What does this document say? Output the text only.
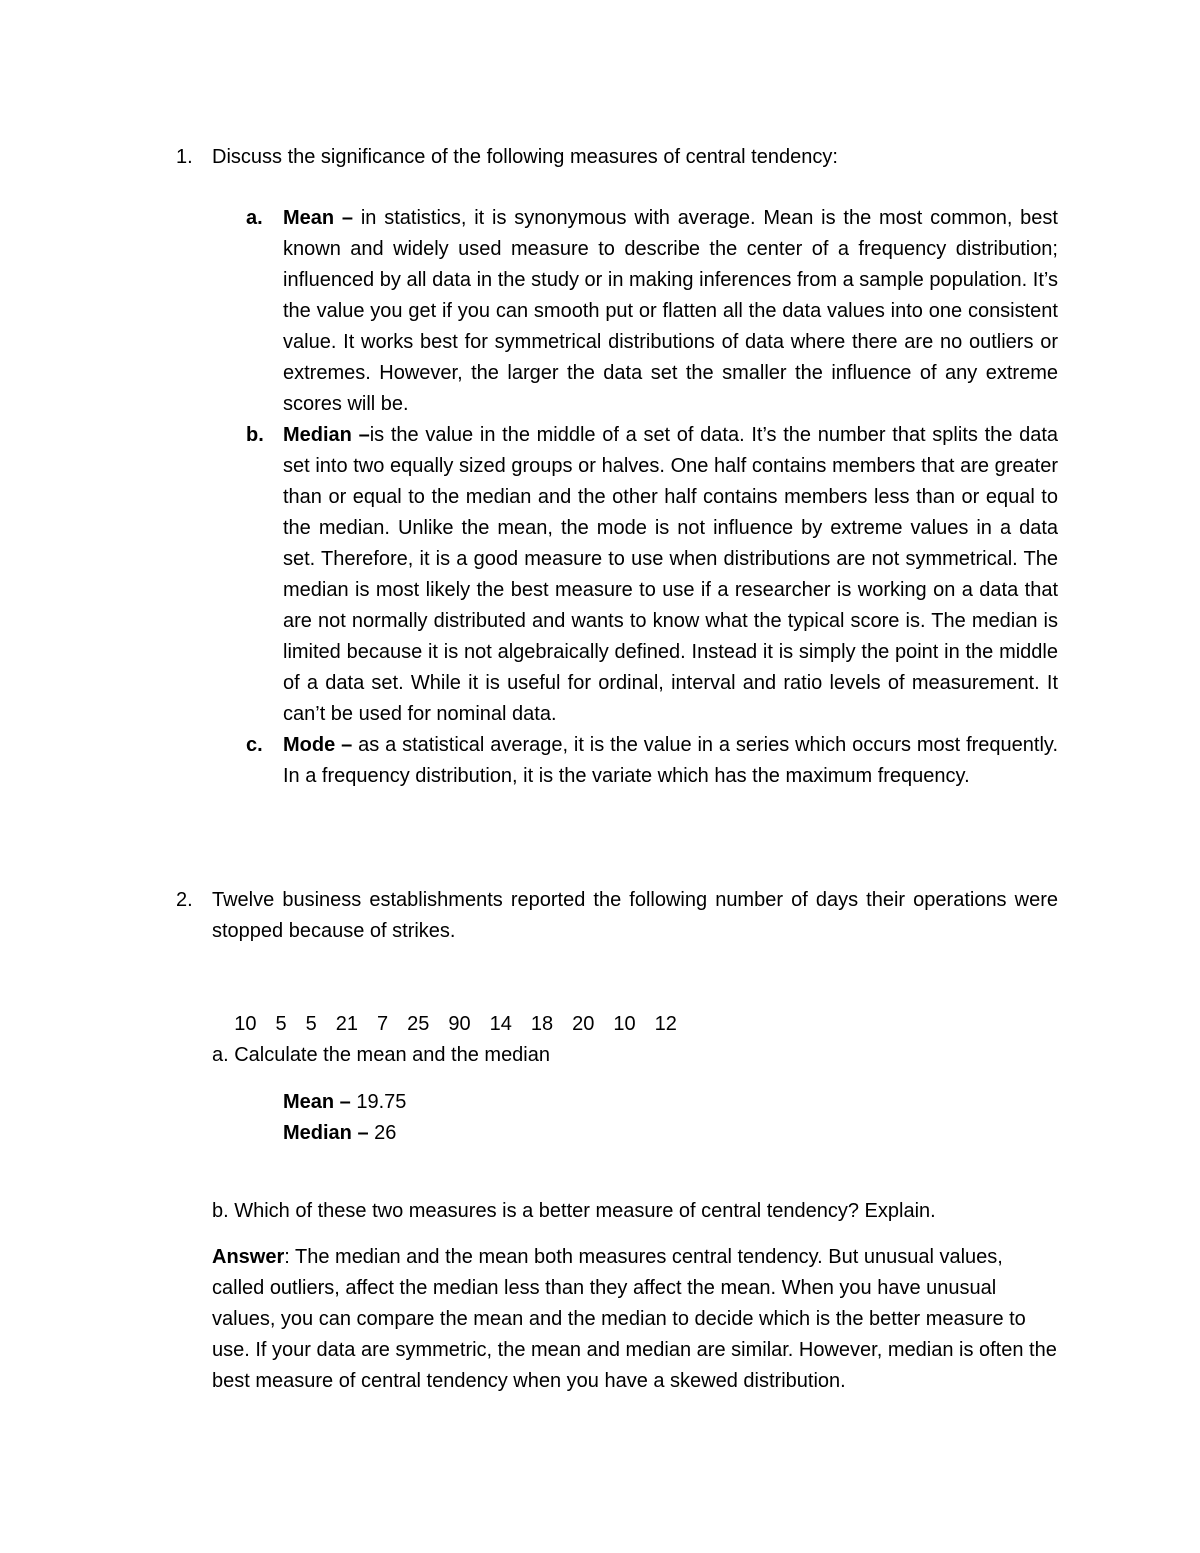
1. Discuss the significance of the following measures of central tendency:
a. Mean – in statistics, it is synonymous with average. Mean is the most common, best known and widely used measure to describe the center of a frequency distribution; influenced by all data in the study or in making inferences from a sample population. It’s the value you get if you can smooth put or flatten all the data values into one consistent value. It works best for symmetrical distributions of data where there are no outliers or extremes. However, the larger the data set the smaller the influence of any extreme scores will be.
b. Median –is the value in the middle of a set of data. It’s the number that splits the data set into two equally sized groups or halves. One half contains members that are greater than or equal to the median and the other half contains members less than or equal to the median. Unlike the mean, the mode is not influence by extreme values in a data set. Therefore, it is a good measure to use when distributions are not symmetrical. The median is most likely the best measure to use if a researcher is working on a data that are not normally distributed and wants to know what the typical score is. The median is limited because it is not algebraically defined. Instead it is simply the point in the middle of a data set. While it is useful for ordinal, interval and ratio levels of measurement. It can’t be used for nominal data.
c. Mode – as a statistical average, it is the value in a series which occurs most frequently. In a frequency distribution, it is the variate which has the maximum frequency.
2. Twelve business establishments reported the following number of days their operations were stopped because of strikes.

10 5 5 21 7 25 90 14 18 20 10 12

a. Calculate the mean and the median
Mean – 19.75
Median – 26
b. Which of these two measures is a better measure of central tendency? Explain.
Answer: The median and the mean both measures central tendency. But unusual values, called outliers, affect the median less than they affect the mean. When you have unusual values, you can compare the mean and the median to decide which is the better measure to use. If your data are symmetric, the mean and median are similar. However, median is often the best measure of central tendency when you have a skewed distribution.
